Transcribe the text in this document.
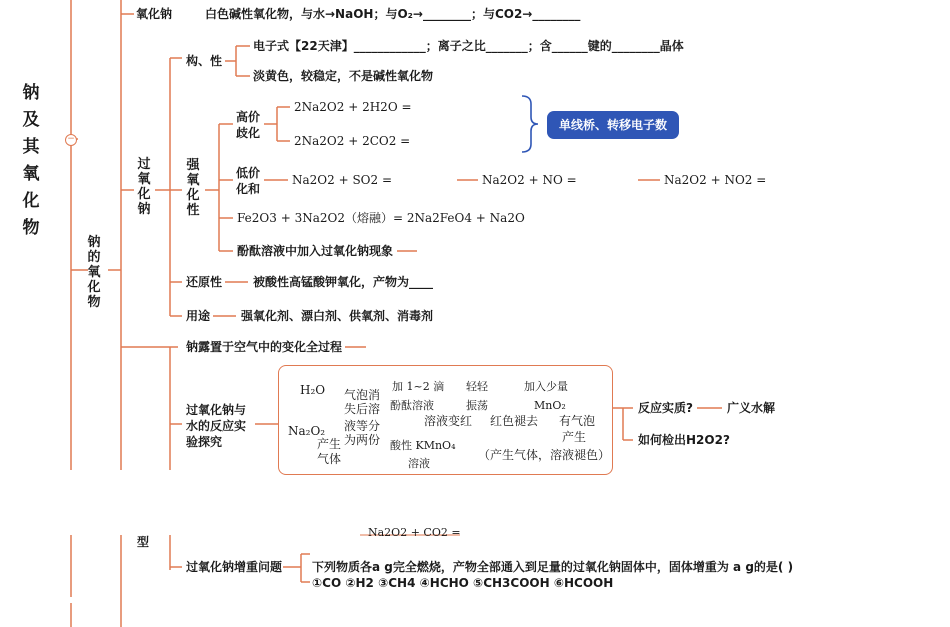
钠及其氧化物
−
钠的氧化物
氧化钠	白色碱性氧化物，与水→NaOH；与O₂→________；与CO2→________
过氧化钠
构、性
电子式【22天津】____________；离子之比_______；含______键的________晶体
淡黄色，较稳定，不是碱性氧化物
强氧化性
高价歧化
2Na2O2 + 2H2O =
2Na2O2 + 2CO2 =
单线桥、转移电子数
低价化和
Na2O2 + SO2 =	Na2O2 + NO =	Na2O2 + NO2 =
Fe2O3 + 3Na2O2（熔融）= 2Na2FeO4 + Na2O
酚酞溶液中加入过氧化钠现象
还原性	被酸性高锰酸钾氧化，产物为____
用途	强氧化剂、漂白剂、供氧剂、消毒剂
钠露置于空气中的变化全过程
过氧化钠与水的反应实验探究
H₂O
Na₂O₂
产生气体
气泡消失后溶
液等分为两份
加 1~2 滴
酚酞溶液
溶液变红
轻轻
振荡
红色褪去
加入少量
MnO₂
有气泡
产生
酸性 KMnO₄
溶液
（产生气体，溶液褪色）
反应实质?	广义水解
如何检出H2O2?
型
Na2O2 + CO2 =
过氧化钠增重问题 下列物质各a g完全燃烧，产物全部通入到足量的过氧化钠固体中，固体增重为 a g的是( )
①CO ②H2 ③CH4 ④HCHO ⑤CH3COOH ⑥HCOOH
